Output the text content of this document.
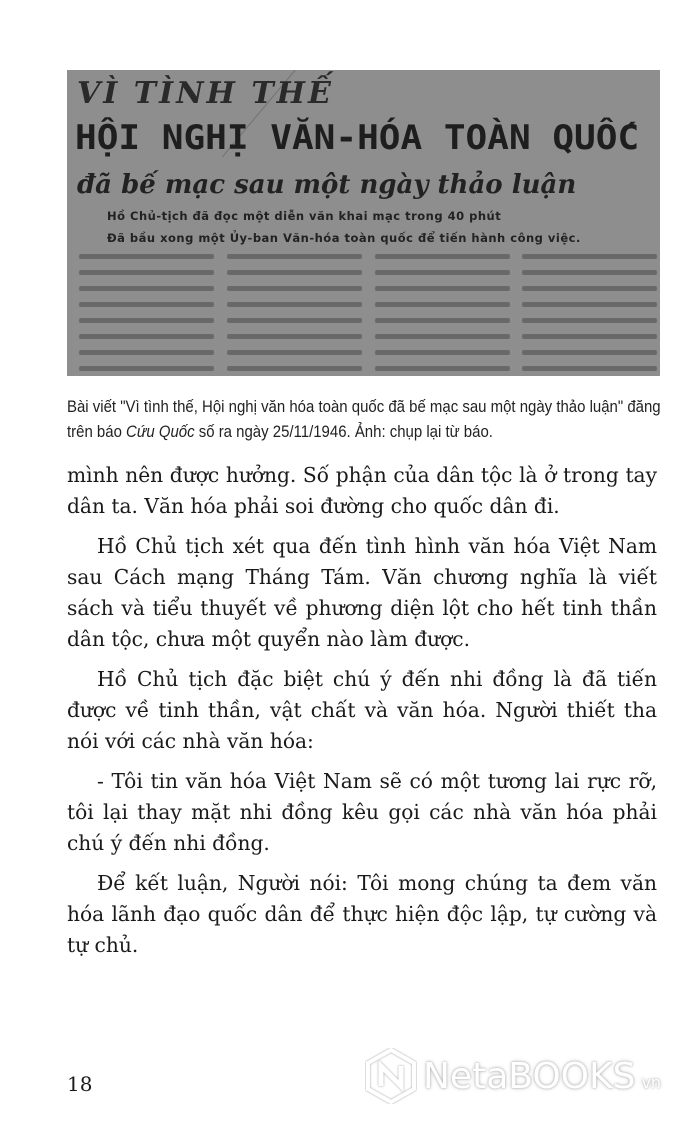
VÌ TÌNH THẾ
HỘI NGHỊ VĂN-HÓA TOÀN QUỐC
đã bế mạc sau một ngày thảo luận
Hồ Chủ-tịch đã đọc một diễn văn khai mạc trong 40 phút
Đã bầu xong một Ủy-ban Văn-hóa toàn quốc để tiến hành công việc.
Bài viết "Vì tình thế, Hội nghị văn hóa toàn quốc đã bế mạc sau một ngày thảo luận" đăng trên báo Cứu Quốc số ra ngày 25/11/1946. Ảnh: chụp lại từ báo.

mình nên được hưởng. Số phận của dân tộc là ở trong tay dân ta. Văn hóa phải soi đường cho quốc dân đi.

Hồ Chủ tịch xét qua đến tình hình văn hóa Việt Nam sau Cách mạng Tháng Tám. Văn chương nghĩa là viết sách và tiểu thuyết về phương diện lột cho hết tinh thần dân tộc, chưa một quyển nào làm được.

Hồ Chủ tịch đặc biệt chú ý đến nhi đồng là đã tiến được về tinh thần, vật chất và văn hóa. Người thiết tha nói với các nhà văn hóa:

- Tôi tin văn hóa Việt Nam sẽ có một tương lai rực rỡ, tôi lại thay mặt nhi đồng kêu gọi các nhà văn hóa phải chú ý đến nhi đồng.

Để kết luận, Người nói: Tôi mong chúng ta đem văn hóa lãnh đạo quốc dân để thực hiện độc lập, tự cường và tự chủ.

18	NetaBOOKS vn
